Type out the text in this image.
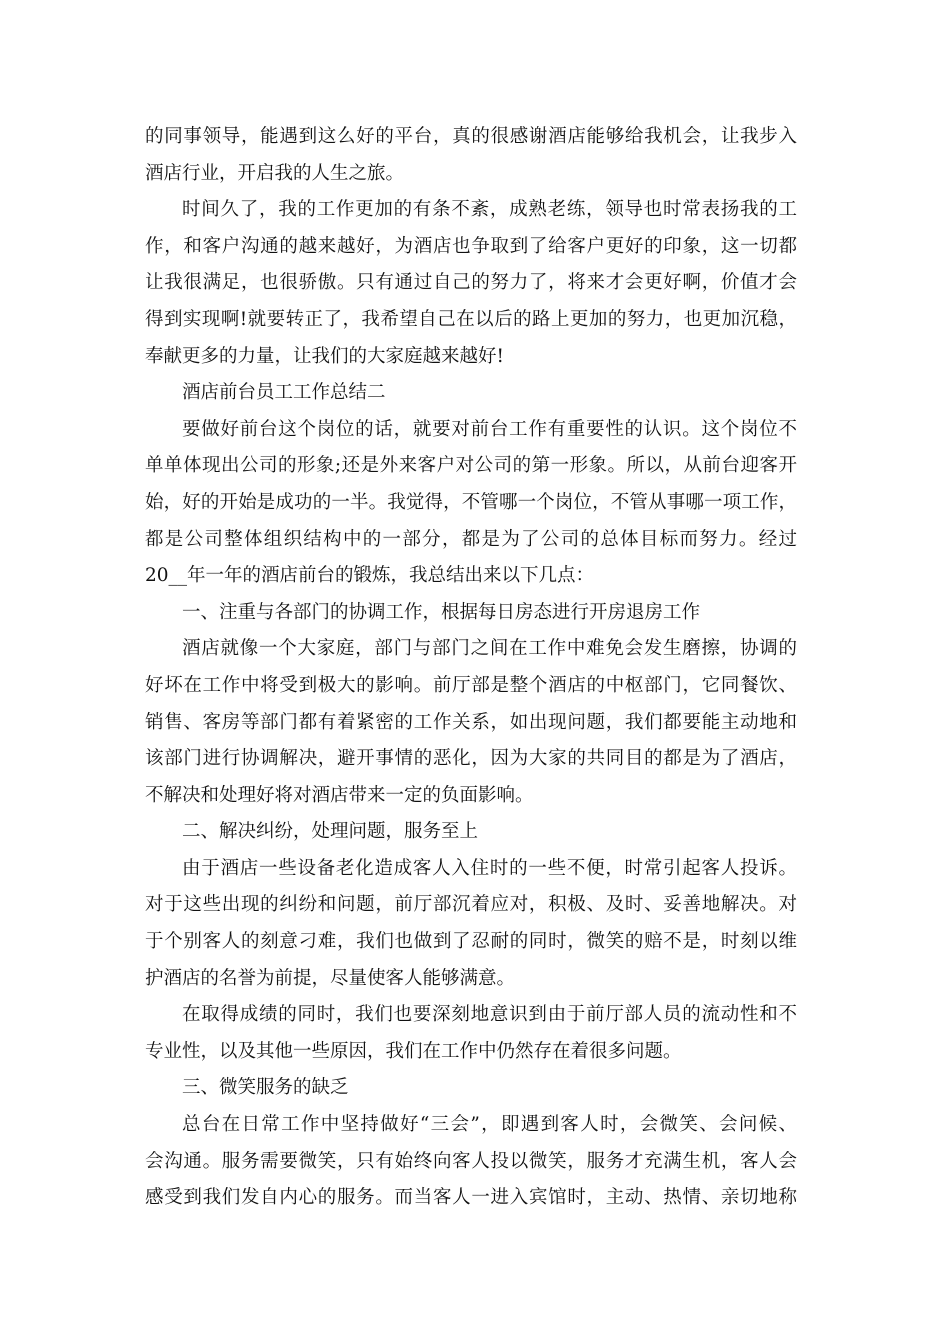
的同事领导，能遇到这么好的平台，真的很感谢酒店能够给我机会，让我步入
酒店行业，开启我的人生之旅。
时间久了，我的工作更加的有条不紊，成熟老练，领导也时常表扬我的工
作，和客户沟通的越来越好，为酒店也争取到了给客户更好的印象，这一切都
让我很满足，也很骄傲。只有通过自己的努力了，将来才会更好啊，价值才会
得到实现啊!就要转正了，我希望自己在以后的路上更加的努力，也更加沉稳，
奉献更多的力量，让我们的大家庭越来越好!
酒店前台员工工作总结二
要做好前台这个岗位的话，就要对前台工作有重要性的认识。这个岗位不
单单体现出公司的形象;还是外来客户对公司的第一形象。所以，从前台迎客开
始，好的开始是成功的一半。我觉得，不管哪一个岗位，不管从事哪一项工作，
都是公司整体组织结构中的一部分，都是为了公司的总体目标而努力。经过
20__年一年的酒店前台的锻炼，我总结出来以下几点：
一、注重与各部门的协调工作，根据每日房态进行开房退房工作
酒店就像一个大家庭，部门与部门之间在工作中难免会发生磨擦，协调的
好坏在工作中将受到极大的影响。前厅部是整个酒店的中枢部门，它同餐饮、
销售、客房等部门都有着紧密的工作关系，如出现问题，我们都要能主动地和
该部门进行协调解决，避开事情的恶化，因为大家的共同目的都是为了酒店，
不解决和处理好将对酒店带来一定的负面影响。
二、解决纠纷，处理问题，服务至上
由于酒店一些设备老化造成客人入住时的一些不便，时常引起客人投诉。
对于这些出现的纠纷和问题，前厅部沉着应对，积极、及时、妥善地解决。对
于个别客人的刻意刁难，我们也做到了忍耐的同时，微笑的赔不是，时刻以维
护酒店的名誉为前提，尽量使客人能够满意。
在取得成绩的同时，我们也要深刻地意识到由于前厅部人员的流动性和不
专业性，以及其他一些原因，我们在工作中仍然存在着很多问题。
三、微笑服务的缺乏
总台在日常工作中坚持做好“三会”，即遇到客人时，会微笑、会问候、
会沟通。服务需要微笑，只有始终向客人投以微笑，服务才充满生机，客人会
感受到我们发自内心的服务。而当客人一进入宾馆时，主动、热情、亲切地称
